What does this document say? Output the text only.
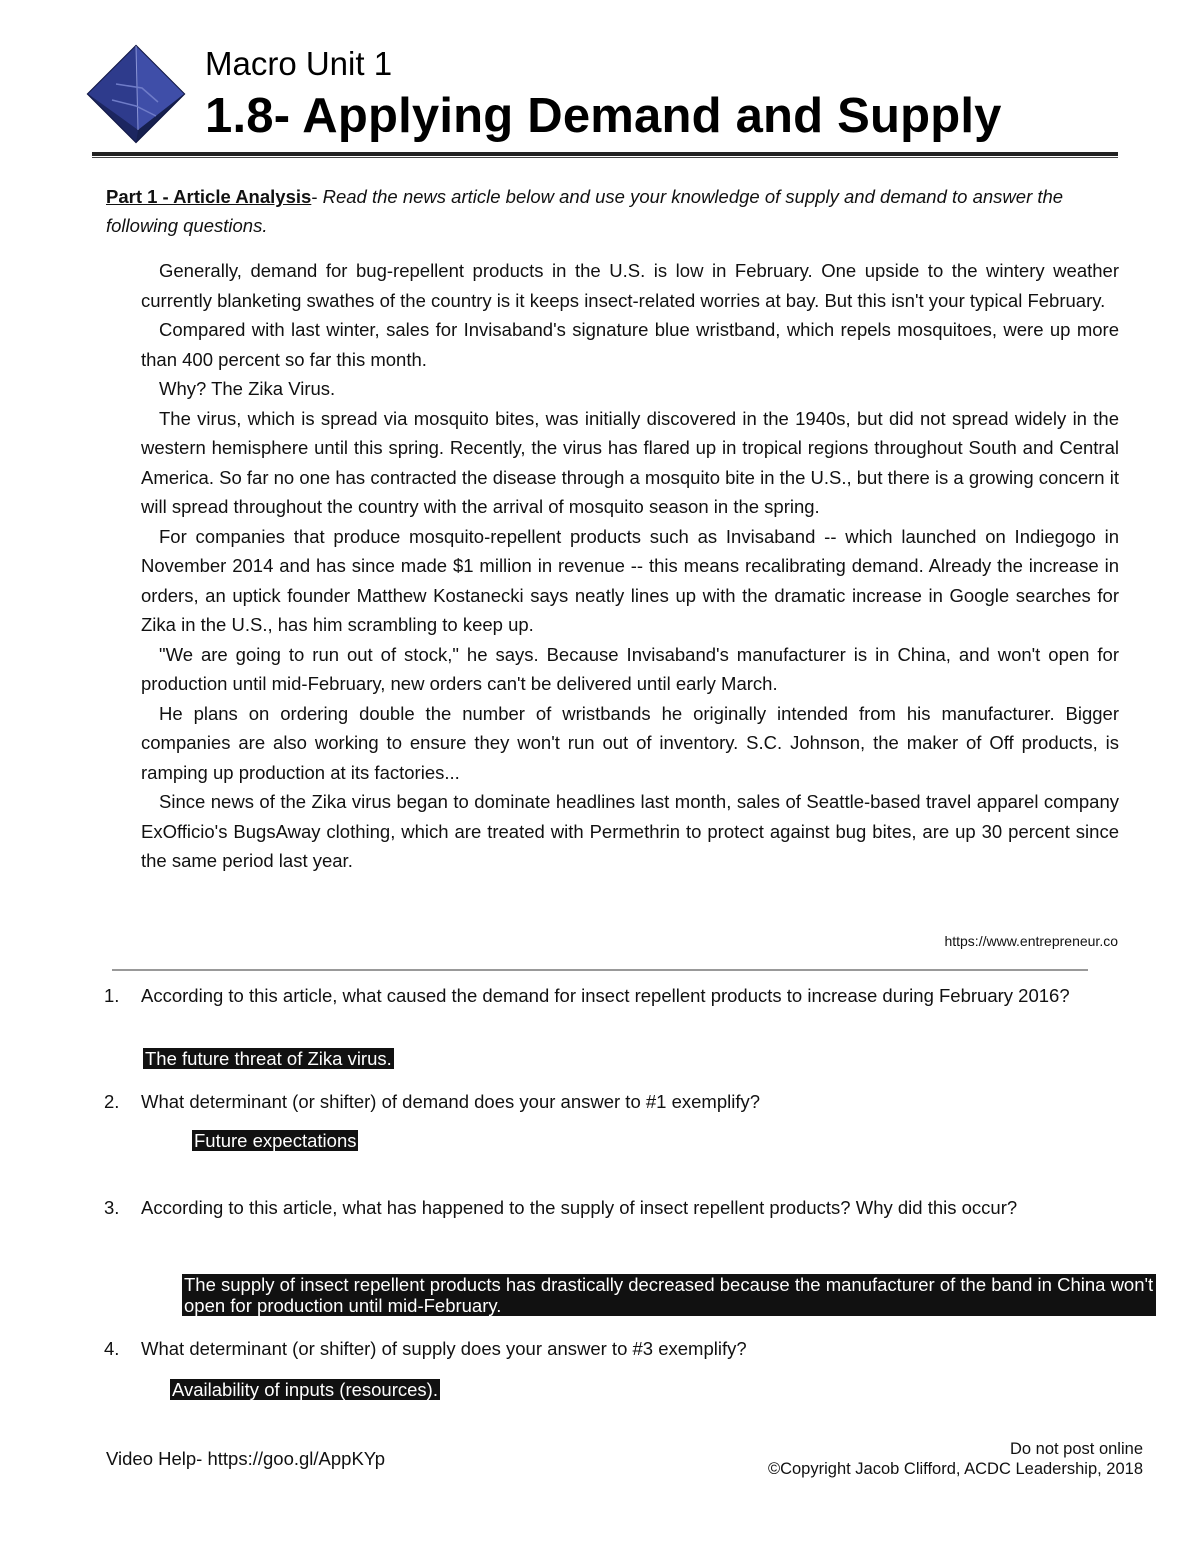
Macro Unit 1
1.8- Applying Demand and Supply
Part 1 - Article Analysis- Read the news article below and use your knowledge of supply and demand to answer the following questions.

Generally, demand for bug-repellent products in the U.S. is low in February. One upside to the wintery weather currently blanketing swathes of the country is it keeps insect-related worries at bay. But this isn't your typical February.

Compared with last winter, sales for Invisaband's signature blue wristband, which repels mosquitoes, were up more than 400 percent so far this month.

Why? The Zika Virus.

The virus, which is spread via mosquito bites, was initially discovered in the 1940s, but did not spread widely in the western hemisphere until this spring. Recently, the virus has flared up in tropical regions throughout South and Central America. So far no one has contracted the disease through a mosquito bite in the U.S., but there is a growing concern it will spread throughout the country with the arrival of mosquito season in the spring.

For companies that produce mosquito-repellent products such as Invisaband -- which launched on Indiegogo in November 2014 and has since made $1 million in revenue -- this means recalibrating demand. Already the increase in orders, an uptick founder Matthew Kostanecki says neatly lines up with the dramatic increase in Google searches for Zika in the U.S., has him scrambling to keep up.

"We are going to run out of stock," he says. Because Invisaband's manufacturer is in China, and won't open for production until mid-February, new orders can't be delivered until early March.

He plans on ordering double the number of wristbands he originally intended from his manufacturer. Bigger companies are also working to ensure they won't run out of inventory. S.C. Johnson, the maker of Off products, is ramping up production at its factories...

Since news of the Zika virus began to dominate headlines last month, sales of Seattle-based travel apparel company ExOfficio's BugsAway clothing, which are treated with Permethrin to protect against bug bites, are up 30 percent since the same period last year.

https://www.entrepreneur.co
1.	According to this article, what caused the demand for insect repellent products to increase during February 2016?
The future threat of Zika virus.
2.	What determinant (or shifter) of demand does your answer to #1 exemplify?
Future expectations
3.	According to this article, what has happened to the supply of insect repellent products? Why did this occur?
The supply of insect repellent products has drastically decreased because the manufacturer of the band in China won't open for production until mid-February.
4.	What determinant (or shifter) of supply does your answer to #3 exemplify?
Availability of inputs (resources).
Video Help- https://goo.gl/AppKYp	Do not post online
©Copyright Jacob Clifford, ACDC Leadership, 2018
